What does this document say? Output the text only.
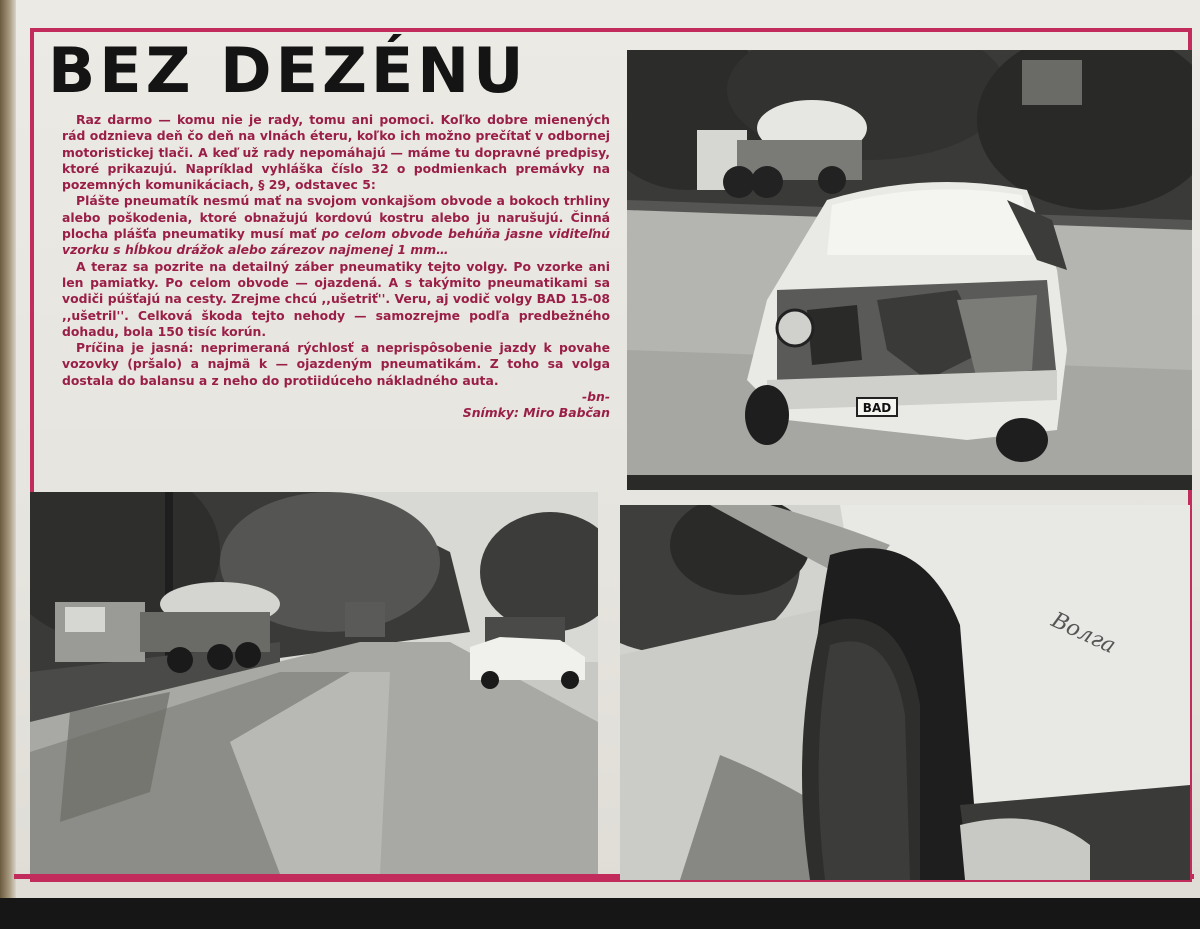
BEZ DEZÉNU

Raz darmo — komu nie je rady, tomu ani pomoci. Koľko dobre mienených rád odznieva deň čo deň na vlnách éteru, koľko ich možno prečítať v odbornej motoristickej tlači. A keď už rady nepomáhajú — máme tu dopravné predpisy, ktoré prikazujú. Napríklad vyhláška číslo 32 o podmienkach premávky na pozemných komunikáciach, § 29, odstavec 5:

Plášte pneumatík nesmú mať na svojom vonkajšom obvode a bokoch trhliny alebo poškodenia, ktoré obnažujú kordovú kostru alebo ju narušujú. Činná plocha plášťa pneumatiky musí mať po celom obvode behúňa jasne viditeľnú vzorku s hĺbkou drážok alebo zárezov najmenej 1 mm…

A teraz sa pozrite na detailný záber pneumatiky tejto volgy. Po vzorke ani len pamiatky. Po celom obvode — ojazdená. A s takýmito pneumatikami sa vodiči púšťajú na cesty. Zrejme chcú ,,ušetriť''. Veru, aj vodič volgy BAD 15-08 ,,ušetril''. Celková škoda tejto nehody — samozrejme podľa predbežného dohadu, bola 150 tisíc korún.

Príčina je jasná: neprimeraná rýchlosť a neprispôsobenie jazdy k povahe vozovky (pršalo) a najmä k — ojazdeným pneumatikám. Z toho sa volga dostala do balansu a z neho do protiidúceho nákladného auta.

-bn-

Snímky: Miro Babčan	BAD
Волга
